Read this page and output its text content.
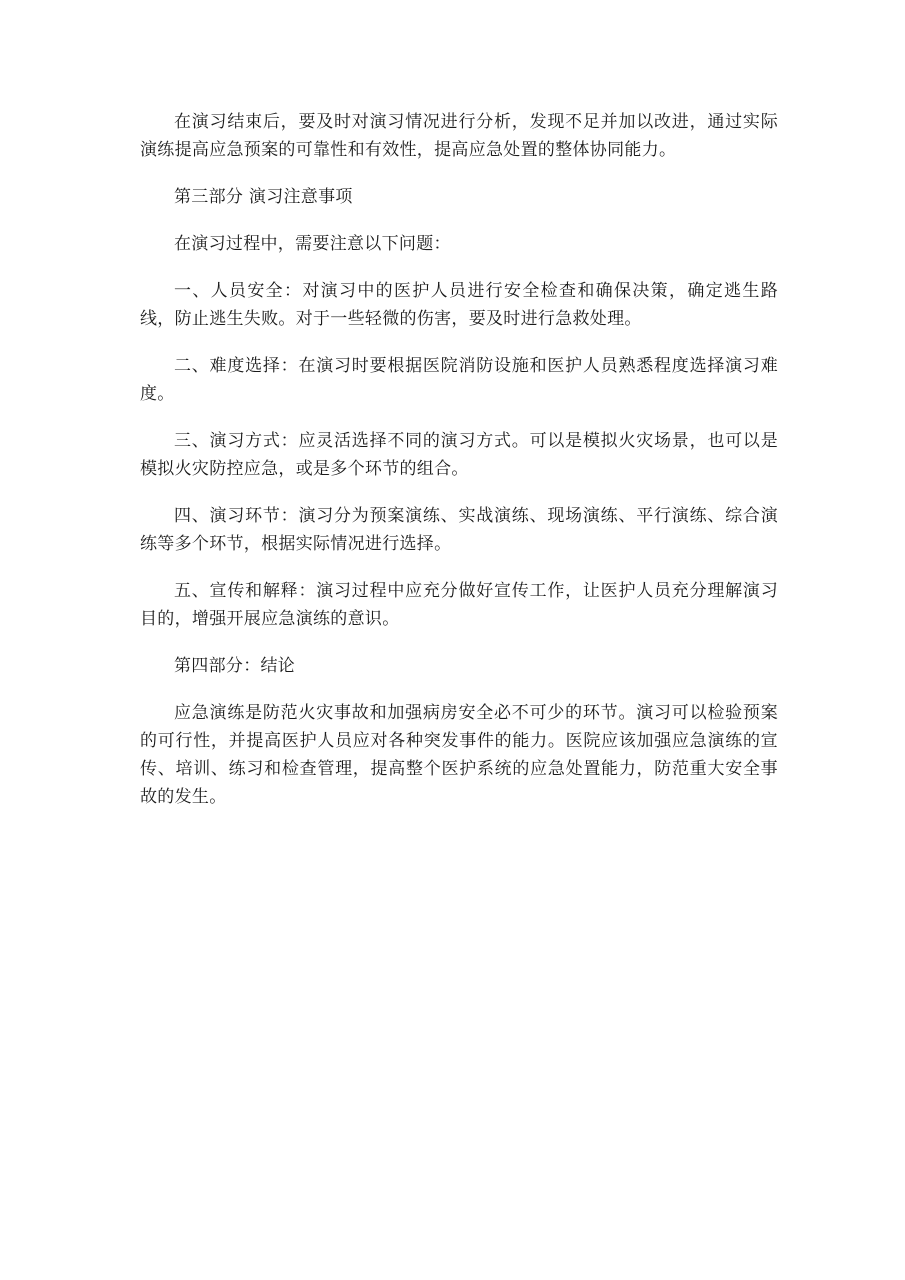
在演习结束后，要及时对演习情况进行分析，发现不足并加以改进，通过实际演练提高应急预案的可靠性和有效性，提高应急处置的整体协同能力。

第三部分 演习注意事项

在演习过程中，需要注意以下问题：

一、人员安全：对演习中的医护人员进行安全检查和确保决策，确定逃生路线，防止逃生失败。对于一些轻微的伤害，要及时进行急救处理。

二、难度选择：在演习时要根据医院消防设施和医护人员熟悉程度选择演习难度。

三、演习方式：应灵活选择不同的演习方式。可以是模拟火灾场景，也可以是模拟火灾防控应急，或是多个环节的组合。

四、演习环节：演习分为预案演练、实战演练、现场演练、平行演练、综合演练等多个环节，根据实际情况进行选择。

五、宣传和解释：演习过程中应充分做好宣传工作，让医护人员充分理解演习目的，增强开展应急演练的意识。

第四部分：结论

应急演练是防范火灾事故和加强病房安全必不可少的环节。演习可以检验预案的可行性，并提高医护人员应对各种突发事件的能力。医院应该加强应急演练的宣传、培训、练习和检查管理，提高整个医护系统的应急处置能力，防范重大安全事故的发生。
